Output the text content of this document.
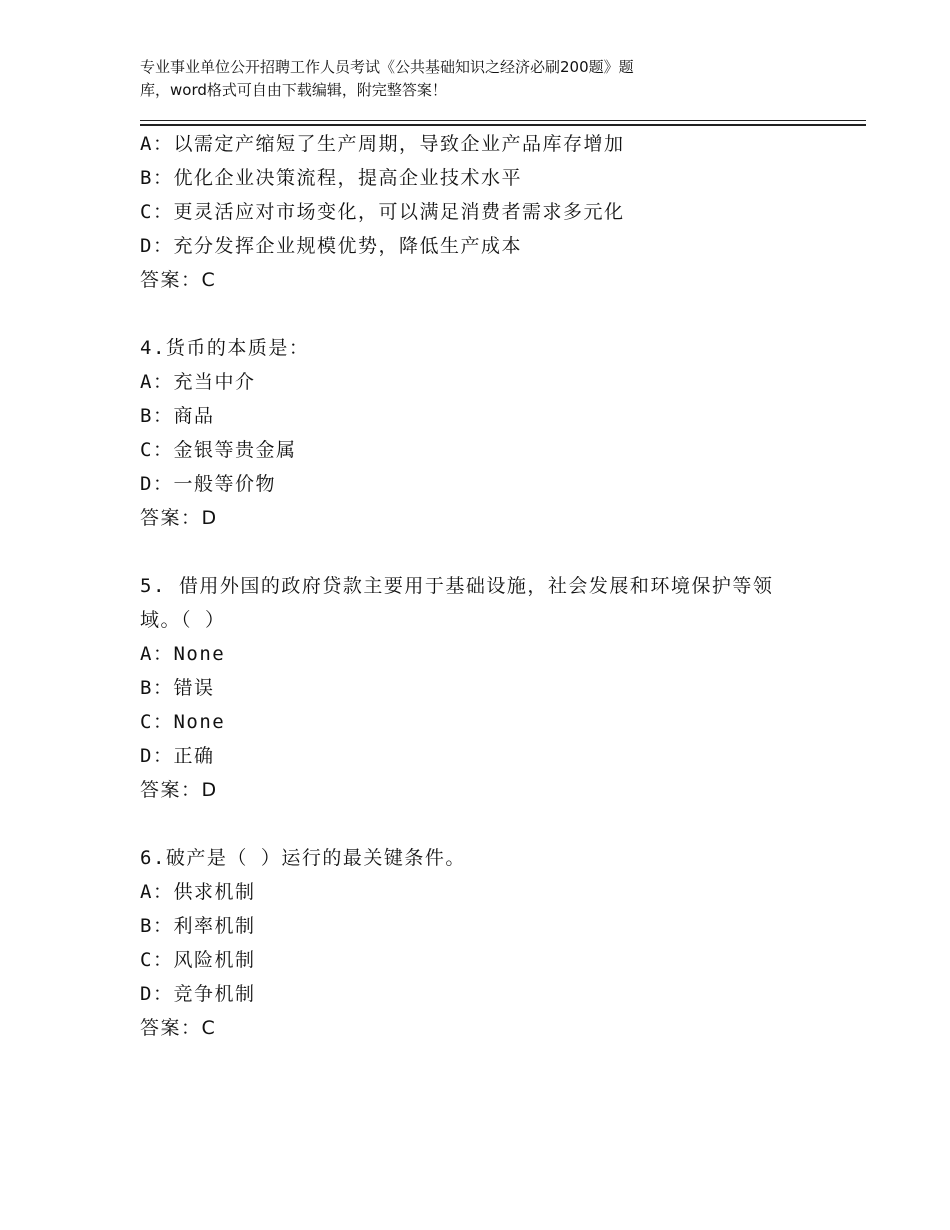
专业事业单位公开招聘工作人员考试《公共基础知识之经济必刷200题》题
库，word格式可自由下载编辑，附完整答案！
A：以需定产缩短了生产周期，导致企业产品库存增加
B：优化企业决策流程，提高企业技术水平
C：更灵活应对市场变化，可以满足消费者需求多元化
D：充分发挥企业规模优势，降低生产成本
答案：C
4.货币的本质是：
A：充当中介
B：商品
C：金银等贵金属
D：一般等价物
答案：D
5. 借用外国的政府贷款主要用于基础设施，社会发展和环境保护等领
域。（ ）
A：None
B：错误
C：None
D：正确
答案：D
6.破产是（ ）运行的最关键条件。
A：供求机制
B：利率机制
C：风险机制
D：竞争机制
答案：C
